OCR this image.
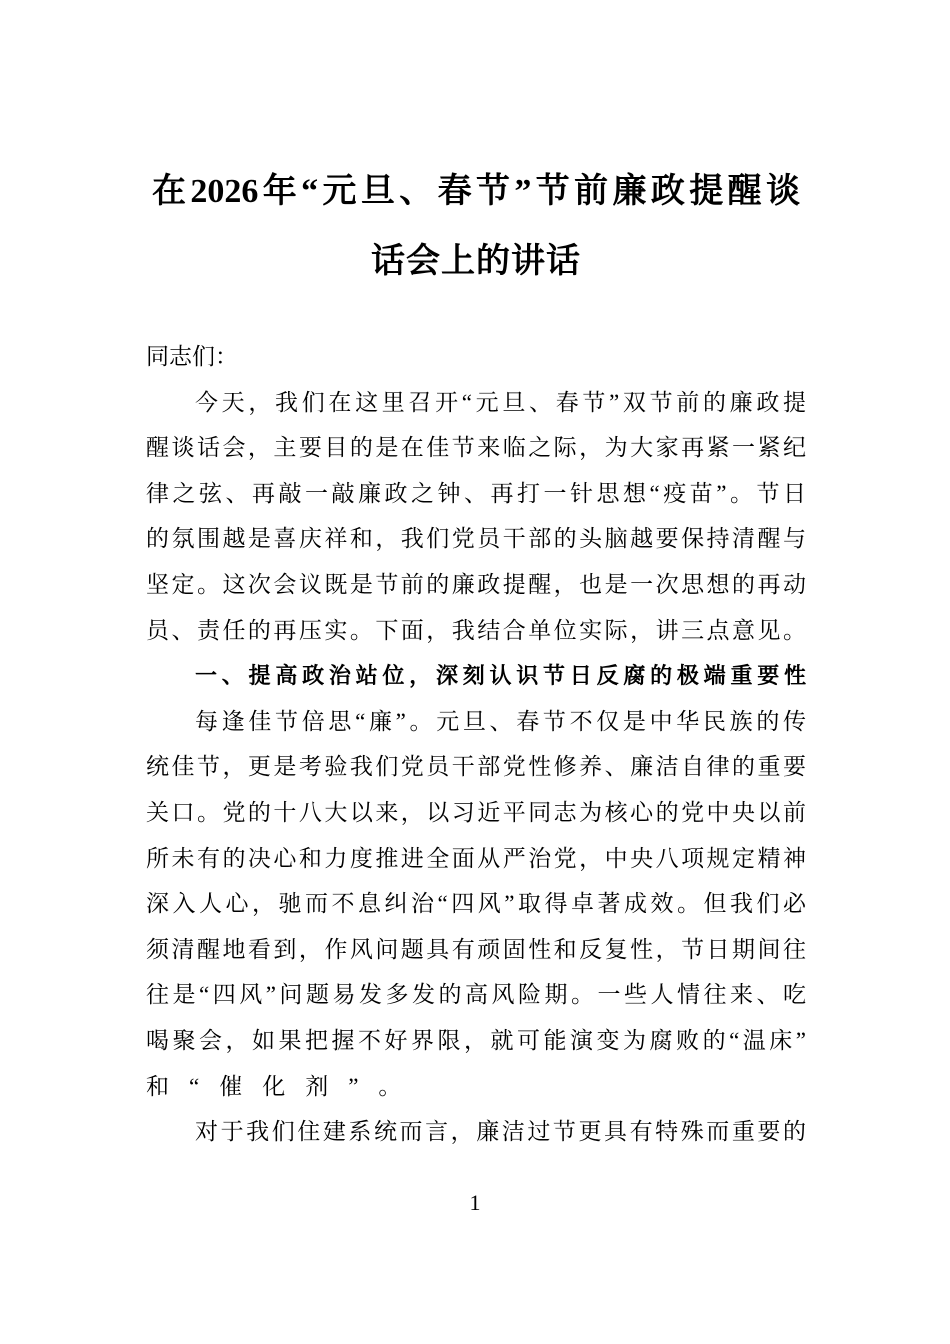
在2026年“元旦、春节”节前廉政提醒谈
话会上的讲话
同志们：
今天，我们在这里召开“元旦、春节”双节前的廉政提
醒谈话会，主要目的是在佳节来临之际，为大家再紧一紧纪
律之弦、再敲一敲廉政之钟、再打一针思想“疫苗”。节日
的氛围越是喜庆祥和，我们党员干部的头脑越要保持清醒与
坚定。这次会议既是节前的廉政提醒，也是一次思想的再动
员、责任的再压实。下面，我结合单位实际，讲三点意见。
一、提高政治站位，深刻认识节日反腐的极端重要性
每逢佳节倍思“廉”。元旦、春节不仅是中华民族的传
统佳节，更是考验我们党员干部党性修养、廉洁自律的重要
关口。党的十八大以来，以习近平同志为核心的党中央以前
所未有的决心和力度推进全面从严治党，中央八项规定精神
深入人心，驰而不息纠治“四风”取得卓著成效。但我们必
须清醒地看到，作风问题具有顽固性和反复性，节日期间往
往是“四风”问题易发多发的高风险期。一些人情往来、吃
喝聚会，如果把握不好界限，就可能演变为腐败的“温床”
和“催化剂”。
对于我们住建系统而言，廉洁过节更具有特殊而重要的
1
